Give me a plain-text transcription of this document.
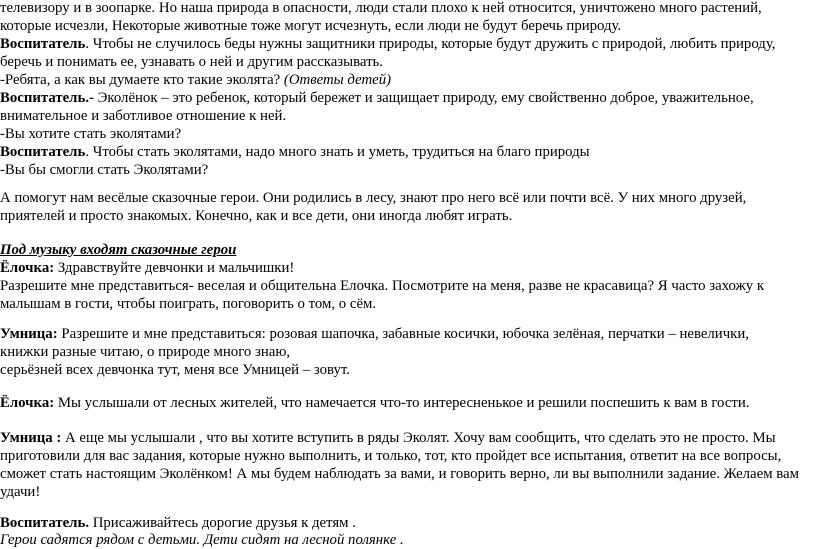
телевизору и в зоопарке. Но наша природа в опасности, люди стали плохо к ней относится, уничтожено много растений,
которые исчезли, Некоторые животные тоже могут исчезнуть, если люди не будут беречь природу.
Воспитатель. Чтобы не случилось беды нужны защитники природы, которые будут дружить с природой, любить природу,
беречь и понимать ее, узнавать о ней и другим рассказывать.
-Ребята, а как вы думаете кто такие эколята? (Ответы детей)
Воспитатель.- Эколёнок – это ребенок, который бережет и защищает природу, ему свойственно доброе, уважительное,
внимательное и заботливое отношение к ней.
-Вы хотите стать эколятами?
Воспитатель. Чтобы стать эколятами, надо много знать и уметь, трудиться на благо природы
-Вы бы смогли стать Эколятами?
А помогут нам весёлые сказочные герои. Они родились в лесу, знают про него всё или почти всё. У них много друзей,
приятелей и просто знакомых. Конечно, как и все дети, они иногда любят играть.
Под музыку входят сказочные герои
Ёлочка: Здравствуйте девчонки и мальчишки!
Разрешите мне представиться- веселая и общительна Елочка. Посмотрите на меня, разве не красавица? Я часто захожу к
малышам в гости, чтобы поиграть, поговорить о том, о сём.
Умница: Разрешите и мне представиться: розовая шапочка, забавные косички, юбочка зелёная, перчатки – невелички,
книжки разные читаю, о природе много знаю,
серьёзней всех девчонка тут, меня все Умницей – зовут.
Ёлочка: Мы услышали от лесных жителей, что намечается что-то интересненькое и решили поспешить к вам в гости.
Умница : А еще мы услышали , что вы хотите вступить в ряды Эколят. Хочу вам сообщить, что сделать это не просто. Мы
приготовили для вас задания, которые нужно выполнить, и только, тот, кто пройдет все испытания, ответит на все вопросы,
сможет стать настоящим Эколёнком! А мы будем наблюдать за вами, и говорить верно, ли вы выполнили задание. Желаем вам
удачи!
Воспитатель. Присаживайтесь дорогие друзья к детям .
Герои садятся рядом с детьми. Дети сидят на лесной полянке .
